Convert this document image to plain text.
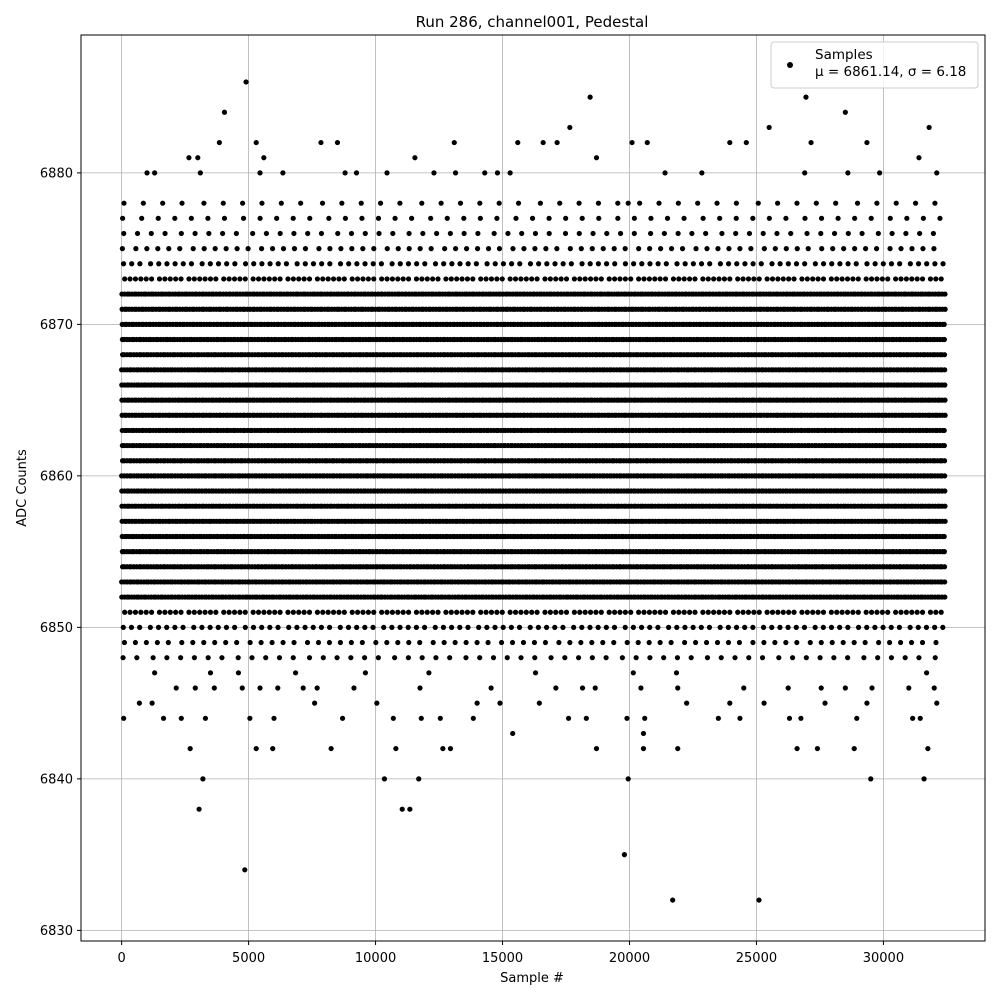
Run 286, channel001, Pedestal
0	5000	10000	15000	20000	25000	30000
6830
6840
6850
6860
6870
6880
Sample #
ADC Counts
Samples
μ = 6861.14, σ = 6.18
